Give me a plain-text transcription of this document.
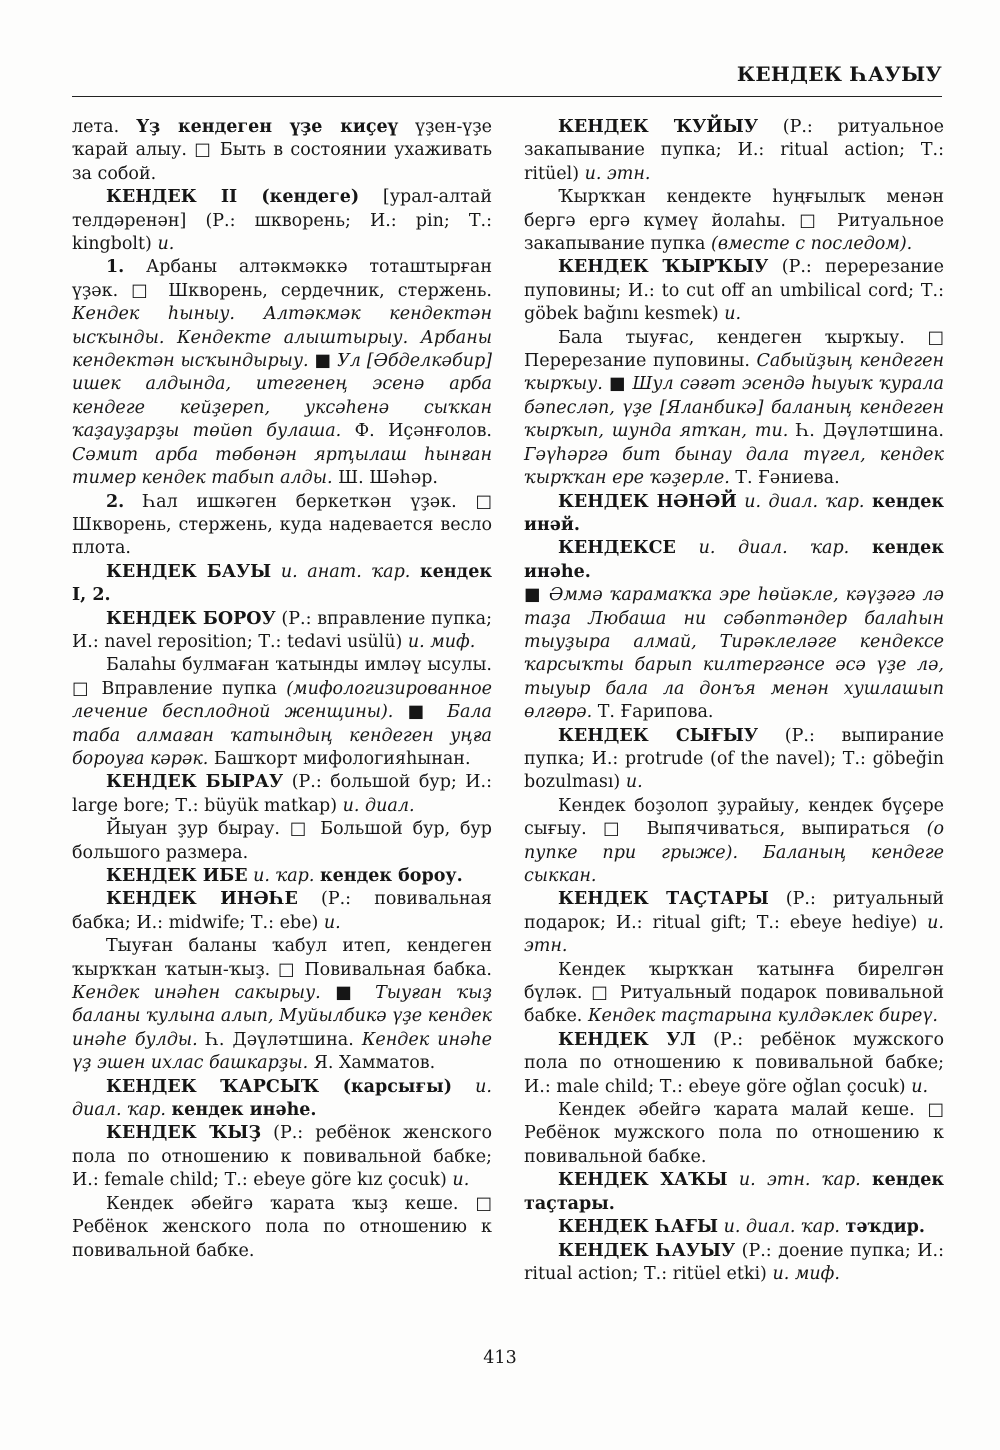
КЕНДЕК ҺАУЫУ

лета. Үҙ кендеген үҙе киҫеү үҙен-үҙе ҡарай алыу. □ Быть в состоянии ухаживать за собой.

КЕНДЕК II (кендеге) [урал-алтай телдәренән] (Р.: шкворень; И.: pin; Т.: kingbolt) и.

1. Арбаны алтәкмәккә тоташтырған үҙәк. □ Шкворень, сердечник, стержень. Кендек һыныу. Алтәкмәк кендектән ысҡынды. Кендекте алыштырыу. Арбаны кендектән ысҡындырыу. ■ Ул [Әбделкәбир] ишек алдында, итегенең эсенә арба кендеге кейҙереп, уксәһенә сыҡкан ҡаҙауҙарҙы төйөп булаша. Ф. Иҫәнғолов. Сәмит арба төбөнән ярҭылаш һынған тимер кендек табып алды. Ш. Шәһәр.

2. Һал ишкәген беркеткән үҙәк. □ Шкворень, стержень, куда надевается весло плота.

КЕНДЕК БАУЫ и. анат. ҡар. кендек I, 2.

КЕНДЕК БОРОУ (Р.: вправление пупка; И.: navel reposition; Т.: tedavi usülü) и. миф.

Балаһы булмаған ҡатынды имләү ысулы. □ Вправление пупка (мифологизированное лечение бесплодной женщины). ■ Бала таба алмаған ҡатындың кендеген уңға бороуға кәрәк. Башҡорт мифологияһынан.

КЕНДЕК БЫРАУ (Р.: большой бур; И.: large bore; Т.: büyük matkap) и. диал.

Йыуан ҙур бырау. □ Большой бур, бур большого размера.

КЕНДЕК ИБЕ и. ҡар. кендек бороу.

КЕНДЕК ИНӘҺЕ (Р.: повивальная бабка; И.: midwife; Т.: ebe) и.

Тыуған баланы ҡабул итеп, кендеген ҡырҡҡан ҡатын-ҡыҙ. □ Повивальная бабка. Кендек инәһен сакырыу. ■ Тыуған ҡыҙ баланы ҡулына алып, Муйылбикә үҙе кендек инәһе булды. Һ. Дәүләтшина. Кендек инәһе үҙ эшен ихлас башкарҙы. Я. Хамматов.

КЕНДЕК ҠАРСЫҠ (карсығы) и. диал. ҡар. кендек инәһе.

КЕНДЕК ҠЫҘ (Р.: ребёнок женского пола по отношению к повивальной бабке; И.: female child; Т.: ebeye göre kız çocuk) и.

Кендек әбейгә ҡарата ҡыҙ кеше. □ Ребёнок женского пола по отношению к повивальной бабке.

КЕНДЕК ҠУЙЫУ (Р.: ритуальное закапывание пупка; И.: ritual action; Т.: ritüel) и. этн.

Ҡырҡҡан кендекте һуңғылыҡ менән бергә ергә күмеү йолаһы. □ Ритуальное закапывание пупка (вместе с последом).

КЕНДЕК ҠЫРҠЫУ (Р.: перерезание пуповины; И.: to cut off an umbilical cord; Т.: göbek bağını kesmek) и.

Бала тыуғас, кендеген ҡырҡыу. □ Перерезание пуповины. Сабыйҙың кендеген ҡырҡыу. ■ Шул сәғәт эсендә һыуыҡ ҡурала бәпесләп, үҙе [Яланбикә] баланың кендеген ҡырҡып, шунда ятҡан, ти. Һ. Дәүләтшина. Гәүһәргә бит бынау дала түгел, кендек ҡырҡҡан ере ҡәҙерле. Т. Ғәниева.

КЕНДЕК НӘНӘЙ и. диал. ҡар. кендек инәй.

КЕНДЕКСЕ и. диал. ҡар. кендек инәһе.

■ Әммә ҡарамаҡҡа эре һөйәкле, кәүҙәгә лә таҙа Любаша ни сәбәптәндер балаһын тыуҙыра алмай, Тирәклеләге кендексе ҡарсыҡты барып килтергәнсе әсә үҙе лә, тыуыр бала ла донъя менән хушлашып өлгөрә. Т. Ғарипова.

КЕНДЕК СЫҒЫУ (Р.: выпирание пупка; И.: protrude (of the navel); Т.: göbeğin bozulması) и.

Кендек боҙолоп ҙурайыу, кендек бүҫере сығыу. □ Выпячиваться, выпираться (о пупке при грыже). Баланың кендеге сыккан.

КЕНДЕК ТАҪТАРЫ (Р.: ритуальный подарок; И.: ritual gift; Т.: ebeye hediye) и. этн.

Кендек ҡырҡҡан ҡатынға бирелгән бүләк. □ Ритуальный подарок повивальной бабке. Кендек таҫтарына кулдәклек биреү.

КЕНДЕК УЛ (Р.: ребёнок мужского пола по отношению к повивальной бабке; И.: male child; Т.: ebeye göre oğlan çocuk) и.

Кендек әбейгә ҡарата малай кеше. □ Ребёнок мужского пола по отношению к повивальной бабке.

КЕНДЕК ХАҠЫ и. этн. ҡар. кендек таҫтары.

КЕНДЕК ҺАҒЫ и. диал. ҡар. тәҡдир.

КЕНДЕК ҺАУЫУ (Р.: доение пупка; И.: ritual action; Т.: ritüel etki) и. миф.

413
